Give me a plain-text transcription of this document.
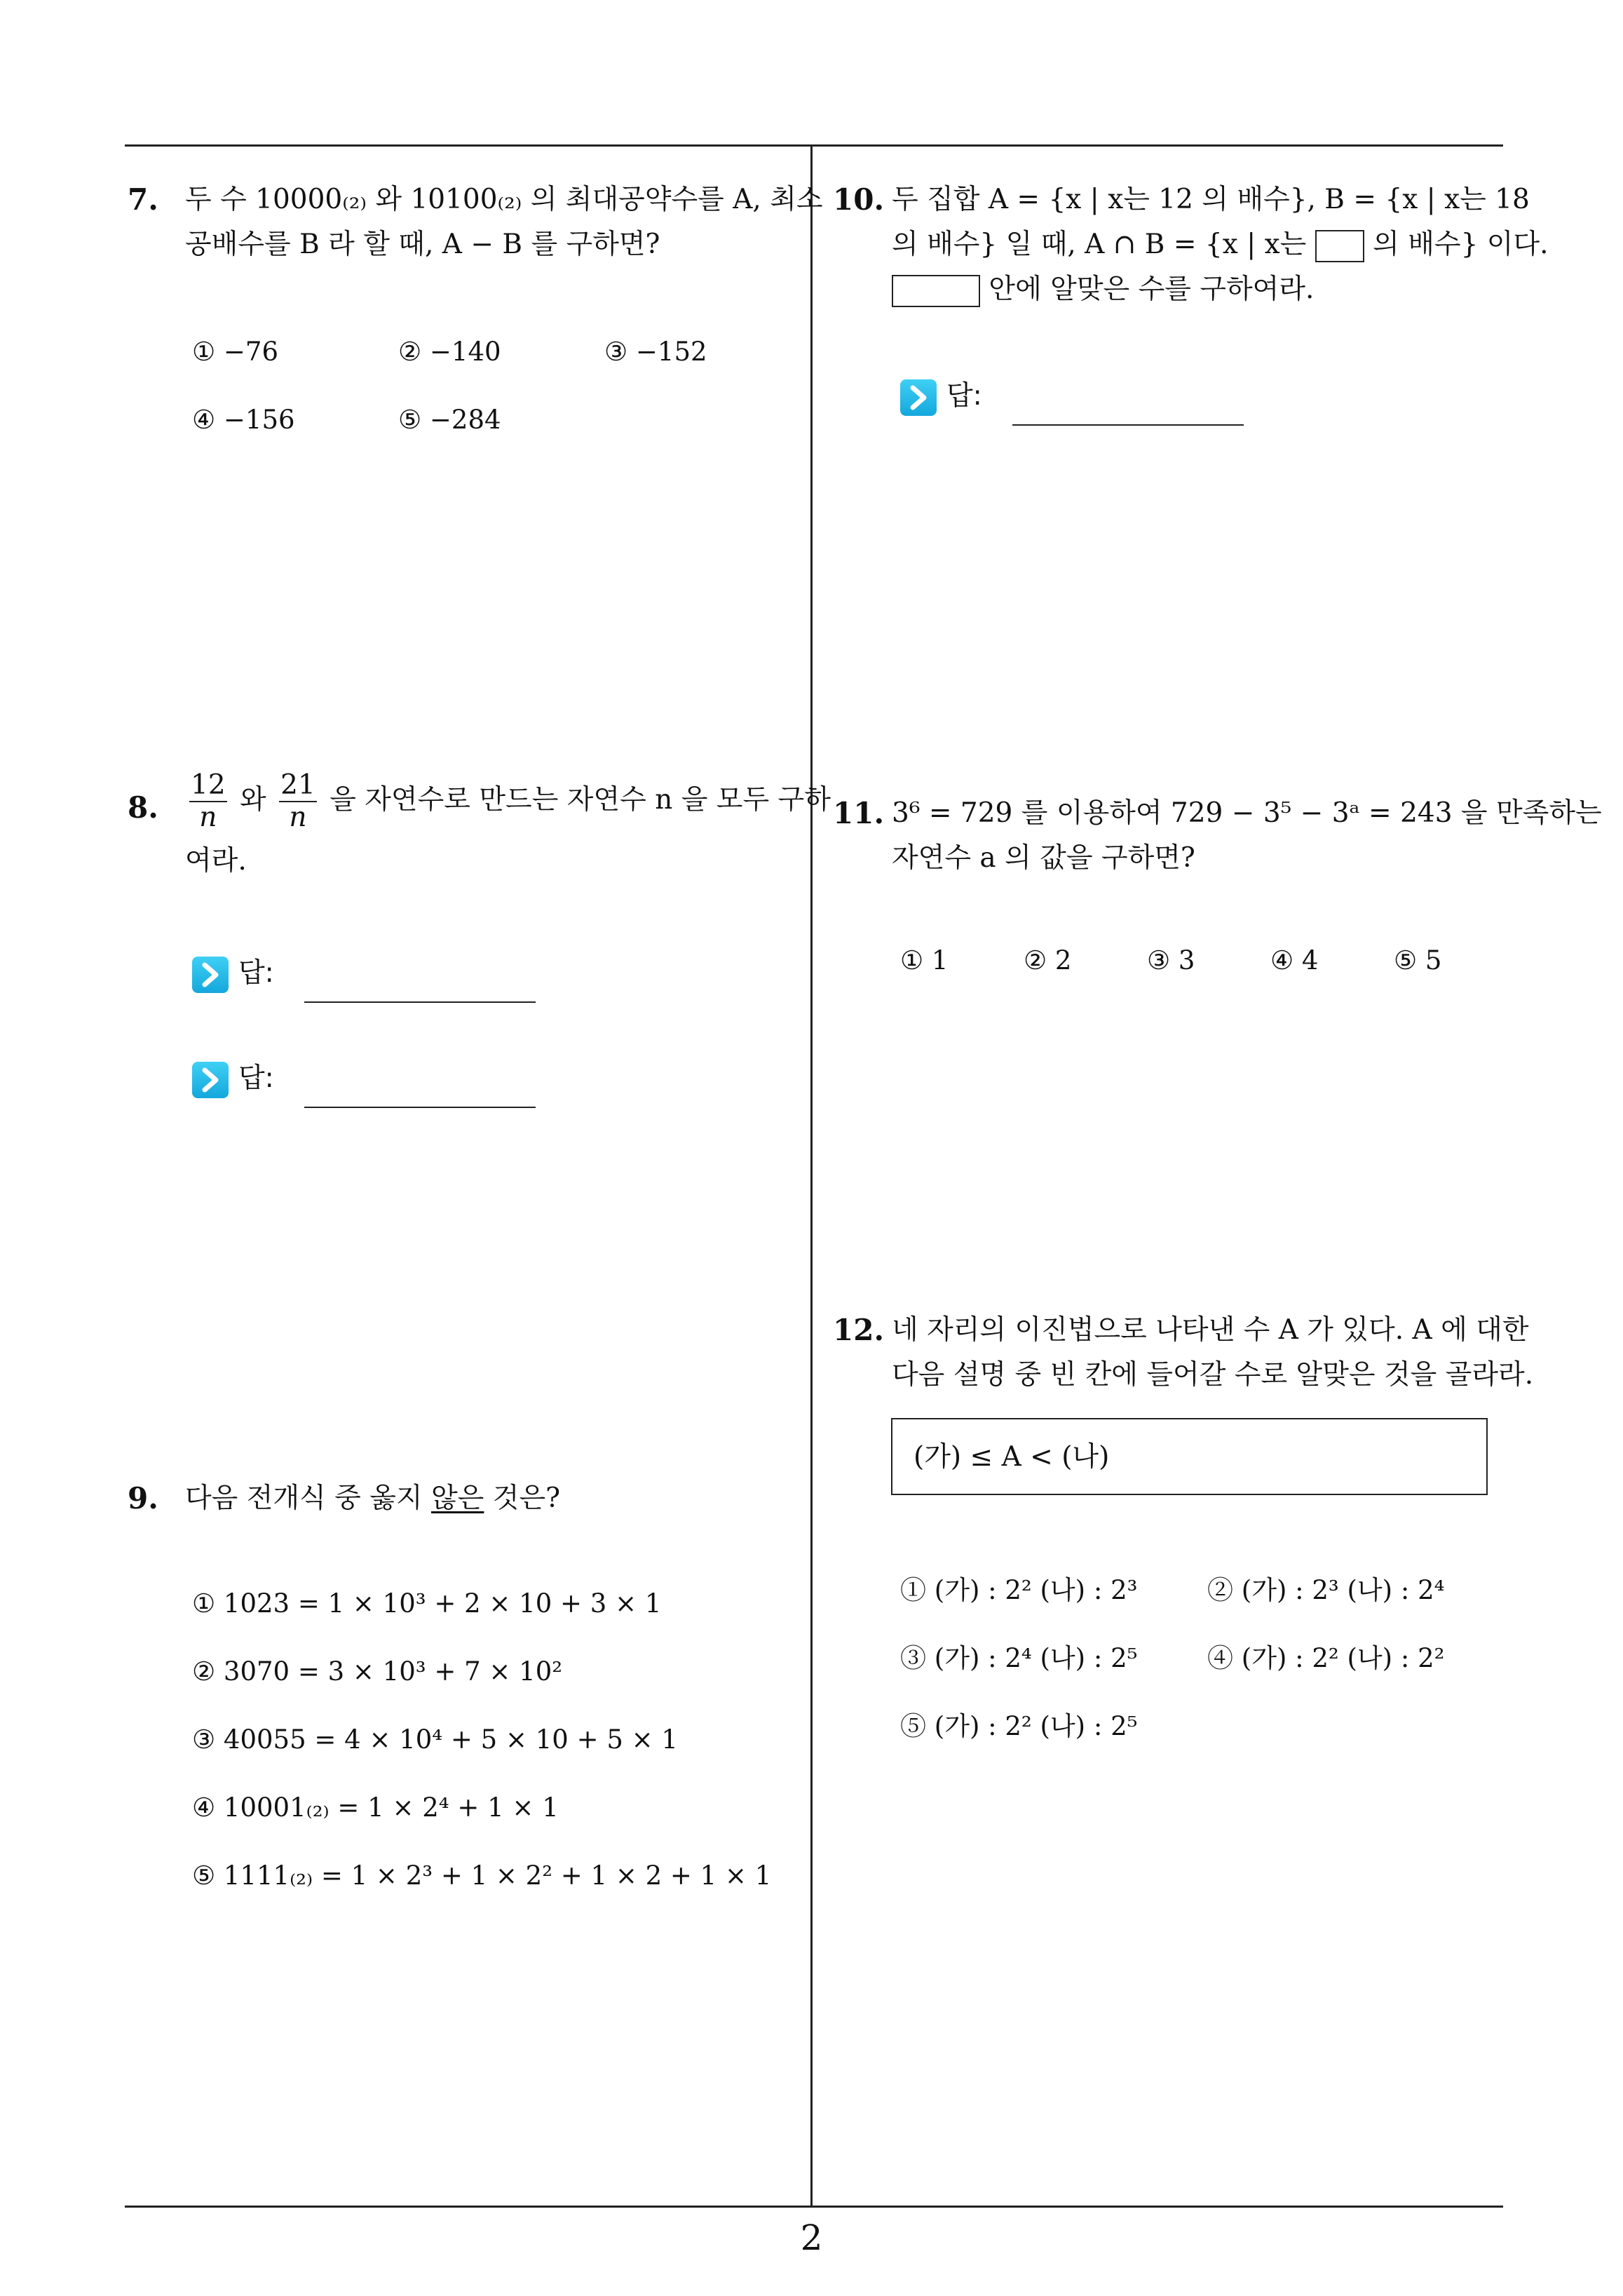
7. 두 수 10000₍₂₎ 와 10100₍₂₎ 의 최대공약수를 A, 최소
공배수를 B 라 할 때, A − B 를 구하면?
① −76	② −140	③ −152
④ −156	⑤ −284
8. $\frac{12}{n}$ 와 $\frac{21}{n}$ 을 자연수로 만드는 자연수 n 을 모두 구하
여라.
답:
답:
9. 다음 전개식 중 옳지 않은 것은?
① 1023 = 1 × 10³ + 2 × 10 + 3 × 1
② 3070 = 3 × 10³ + 7 × 10²
③ 40055 = 4 × 10⁴ + 5 × 10 + 5 × 1
④ 10001₍₂₎ = 1 × 2⁴ + 1 × 1
⑤ 1111₍₂₎ = 1 × 2³ + 1 × 2² + 1 × 2 + 1 × 1
10. 두 집합 A = {x | x는 12 의 배수}, B = {x | x는 18
의 배수} 일 때, A ∩ B = {x | x는 의 배수} 이다.
안에 알맞은 수를 구하여라.
답:
11. 3⁶ = 729 를 이용하여 729 − 3⁵ − 3ᵃ = 243 을 만족하는
자연수 a 의 값을 구하면?
① 1	② 2	③ 3	④ 4	⑤ 5
12. 네 자리의 이진법으로 나타낸 수 A 가 있다. A 에 대한
다음 설명 중 빈 칸에 들어갈 수로 알맞은 것을 골라라.
(가) ≤ A < (나)
① (가) : 2² (나) : 2³	② (가) : 2³ (나) : 2⁴
③ (가) : 2⁴ (나) : 2⁵	④ (가) : 2² (나) : 2²
⑤ (가) : 2² (나) : 2⁵
2
